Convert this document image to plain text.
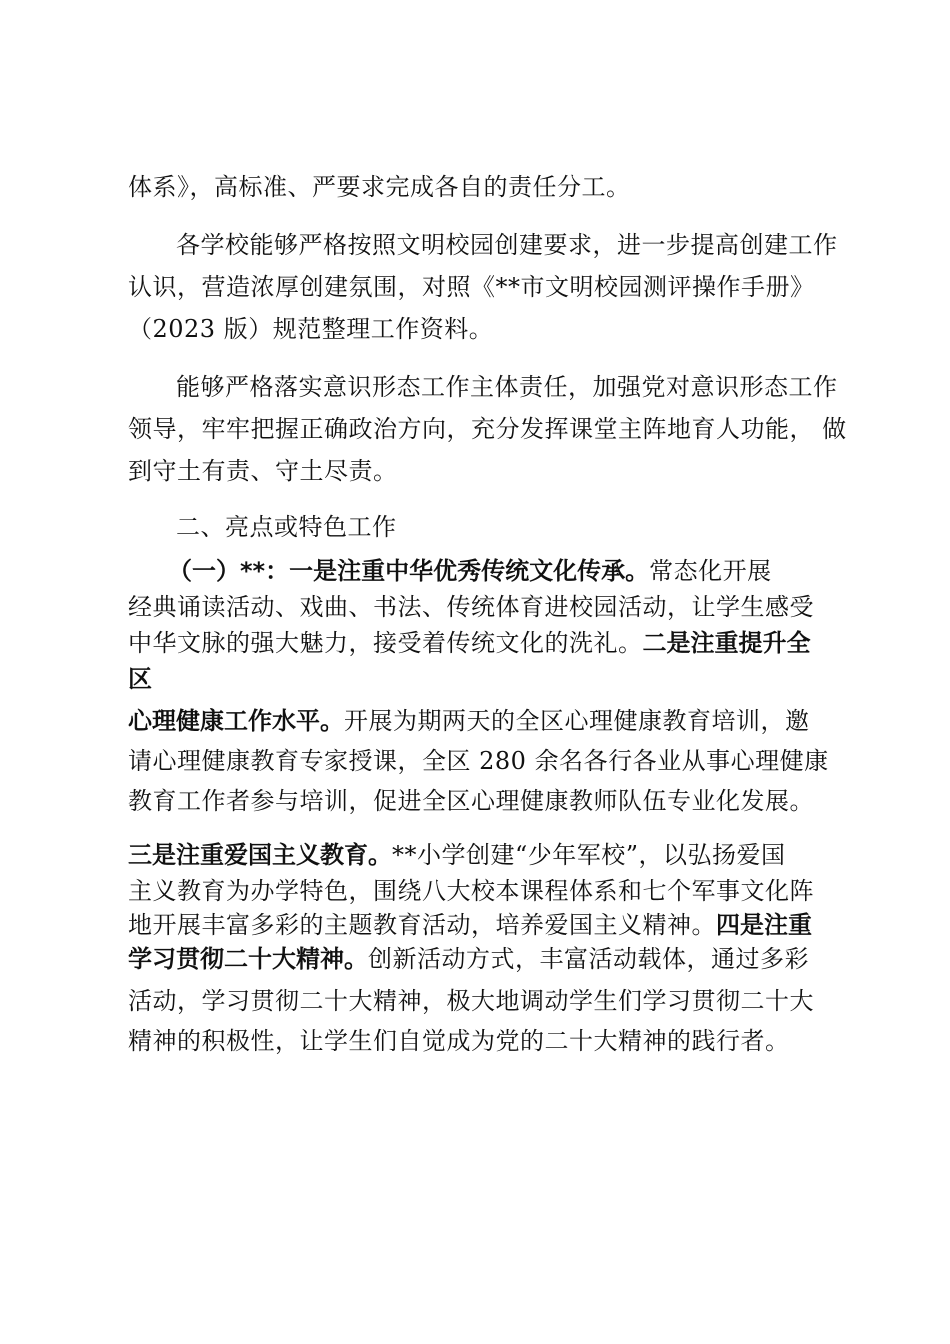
体系》，高标准、严要求完成各自的责任分工。
各学校能够严格按照文明校园创建要求，进一步提高创建工作
认识，营造浓厚创建氛围，对照《**市文明校园测评操作手册》
（2023 版）规范整理工作资料。
能够严格落实意识形态工作主体责任，加强党对意识形态工作
领导，牢牢把握正确政治方向，充分发挥课堂主阵地育人功能， 做
到守土有责、守土尽责。
二、亮点或特色工作
（一）**：一是注重中华优秀传统文化传承。常态化开展
经典诵读活动、戏曲、书法、传统体育进校园活动，让学生感受
中华文脉的强大魅力，接受着传统文化的洗礼。二是注重提升全
区
心理健康工作水平。开展为期两天的全区心理健康教育培训，邀
请心理健康教育专家授课，全区 280 余名各行各业从事心理健康
教育工作者参与培训，促进全区心理健康教师队伍专业化发展。
三是注重爱国主义教育。**小学创建“少年军校”，以弘扬爱国
主义教育为办学特色，围绕八大校本课程体系和七个军事文化阵
地开展丰富多彩的主题教育活动，培养爱国主义精神。四是注重
学习贯彻二十大精神。创新活动方式，丰富活动载体，通过多彩
活动，学习贯彻二十大精神，极大地调动学生们学习贯彻二十大
精神的积极性，让学生们自觉成为党的二十大精神的践行者。
